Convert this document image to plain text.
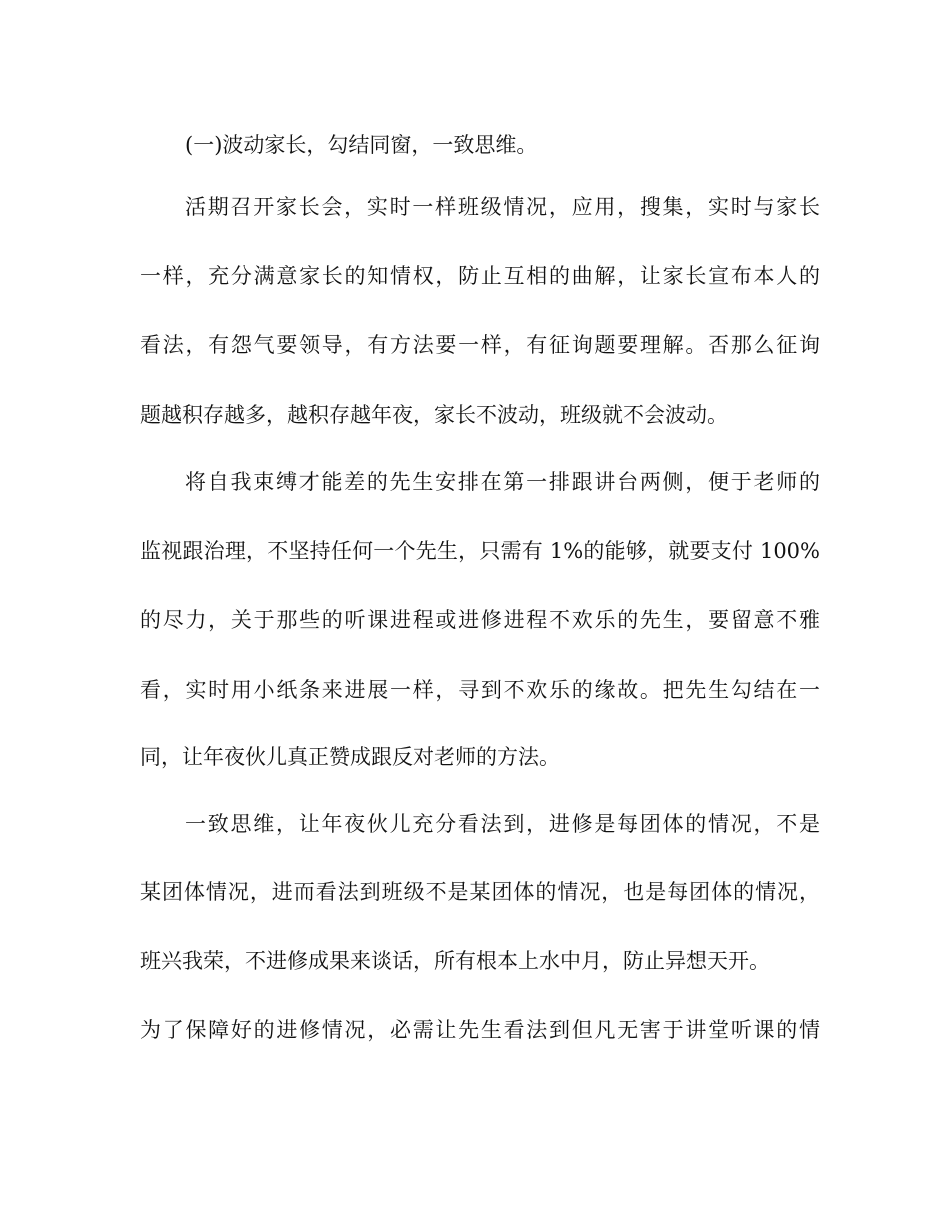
(一)波动家长，勾结同窗，一致思维。

活期召开家长会，实时一样班级情况，应用，搜集，实时与家长

一样，充分满意家长的知情权，防止互相的曲解，让家长宣布本人的

看法，有怨气要领导，有方法要一样，有征询题要理解。否那么征询

题越积存越多，越积存越年夜，家长不波动，班级就不会波动。

将自我束缚才能差的先生安排在第一排跟讲台两侧，便于老师的

监视跟治理，不坚持任何一个先生，只需有 1%的能够，就要支付 100%

的尽力，关于那些的听课进程或进修进程不欢乐的先生，要留意不雅

看，实时用小纸条来进展一样，寻到不欢乐的缘故。把先生勾结在一

同，让年夜伙儿真正赞成跟反对老师的方法。

一致思维，让年夜伙儿充分看法到，进修是每团体的情况，不是

某团体情况，进而看法到班级不是某团体的情况，也是每团体的情况，

班兴我荣，不进修成果来谈话，所有根本上水中月，防止异想天开。

为了保障好的进修情况，必需让先生看法到但凡无害于讲堂听课的情
